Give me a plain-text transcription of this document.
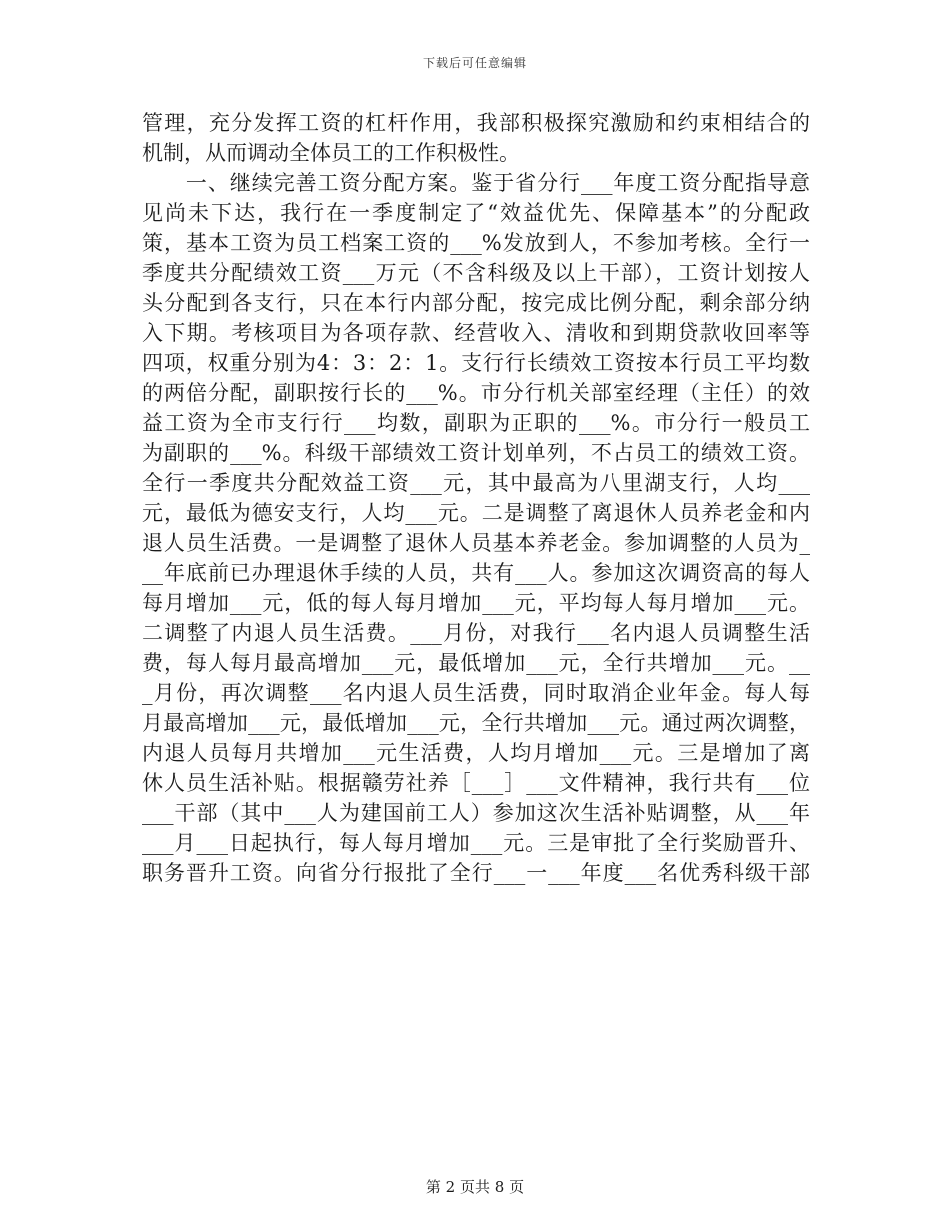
下载后可任意编辑
管理，充分发挥工资的杠杆作用，我部积极探究激励和约束相结合的
机制，从而调动全体员工的工作积极性。
　　一、继续完善工资分配方案。鉴于省分行___年度工资分配指导意
见尚未下达，我行在一季度制定了“效益优先、保障基本”的分配政
策，基本工资为员工档案工资的___%发放到人，不参加考核。全行一
季度共分配绩效工资___万元（不含科级及以上干部），工资计划按人
头分配到各支行，只在本行内部分配，按完成比例分配，剩余部分纳
入下期。考核项目为各项存款、经营收入、清收和到期贷款收回率等
四项，权重分别为4：3：2：1。支行行长绩效工资按本行员工平均数
的两倍分配，副职按行长的___%。市分行机关部室经理（主任）的效
益工资为全市支行行___均数，副职为正职的___%。市分行一般员工
为副职的___%。科级干部绩效工资计划单列，不占员工的绩效工资。
全行一季度共分配效益工资___元，其中最高为八里湖支行，人均___
元，最低为德安支行，人均___元。二是调整了离退休人员养老金和内
退人员生活费。一是调整了退休人员基本养老金。参加调整的人员为_
__年底前已办理退休手续的人员，共有___人。参加这次调资高的每人
每月增加___元，低的每人每月增加___元，平均每人每月增加___元。
二调整了内退人员生活费。___月份，对我行___名内退人员调整生活
费，每人每月最高增加___元，最低增加___元，全行共增加___元。__
_月份，再次调整___名内退人员生活费，同时取消企业年金。每人每
月最高增加___元，最低增加___元，全行共增加___元。通过两次调整，
内退人员每月共增加___元生活费，人均月增加___元。三是增加了离
休人员生活补贴。根据赣劳社养［___］___文件精神，我行共有___位
___干部（其中___人为建国前工人）参加这次生活补贴调整，从___年
___月___日起执行，每人每月增加___元。三是审批了全行奖励晋升、
职务晋升工资。向省分行报批了全行___一___年度___名优秀科级干部
第 2 页共 8 页
